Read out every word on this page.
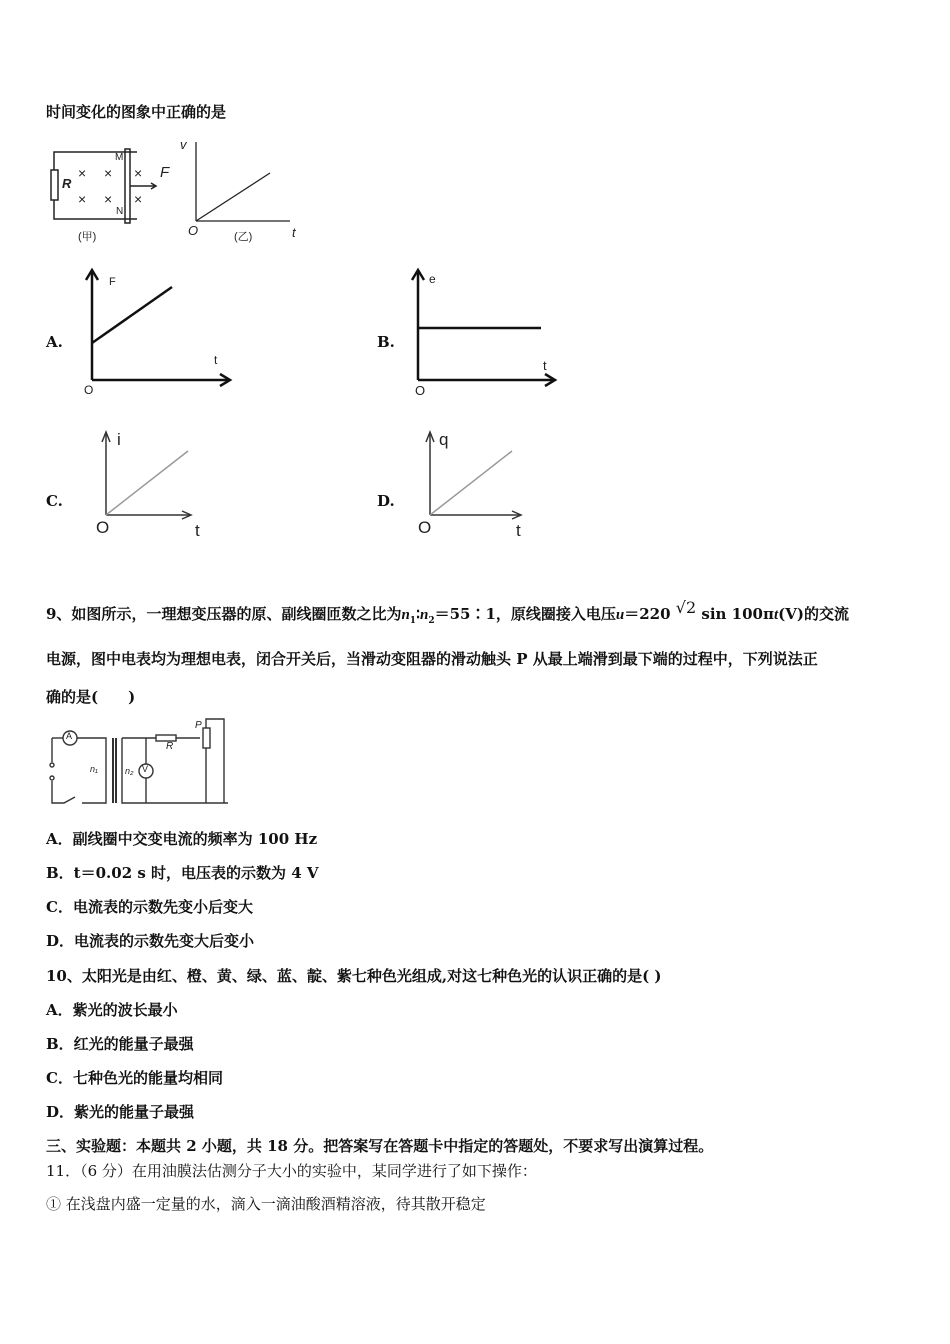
时间变化的图象中正确的是
R
× × ×
× × ×
M
N
F
(甲)
v
O	t
(乙)
A.
F
t
O
B.
e
t
O
C.
i
t
O
D.
q
t
O
9、如图所示，一理想变压器的原、副线圈匝数之比为$n_1∶n_2=55∶1$，原线圈接入电压u＝220 $^{√2}$ sin 100πt(V)的交流
电源，图中电表均为理想电表，闭合开关后，当滑动变阻器的滑动触头 P 从最上端滑到最下端的过程中，下列说法正
确的是(　　)
A
V
n₁	n₂
R
P
A．副线圈中交变电流的频率为 100 Hz
B．t＝0.02 s 时，电压表的示数为 4 V
C．电流表的示数先变小后变大
D．电流表的示数先变大后变小
10、太阳光是由红、橙、黄、绿、蓝、靛、紫七种色光组成,对这七种色光的认识正确的是( )
A．紫光的波长最小
B．红光的能量子最强
C．七种色光的能量均相同
D．紫光的能量子最强
三、实验题：本题共 2 小题，共 18 分。把答案写在答题卡中指定的答题处，不要求写出演算过程。
11．（6 分）在用油膜法估测分子大小的实验中，某同学进行了如下操作：
① 在浅盘内盛一定量的水，滴入一滴油酸酒精溶液，待其散开稳定
